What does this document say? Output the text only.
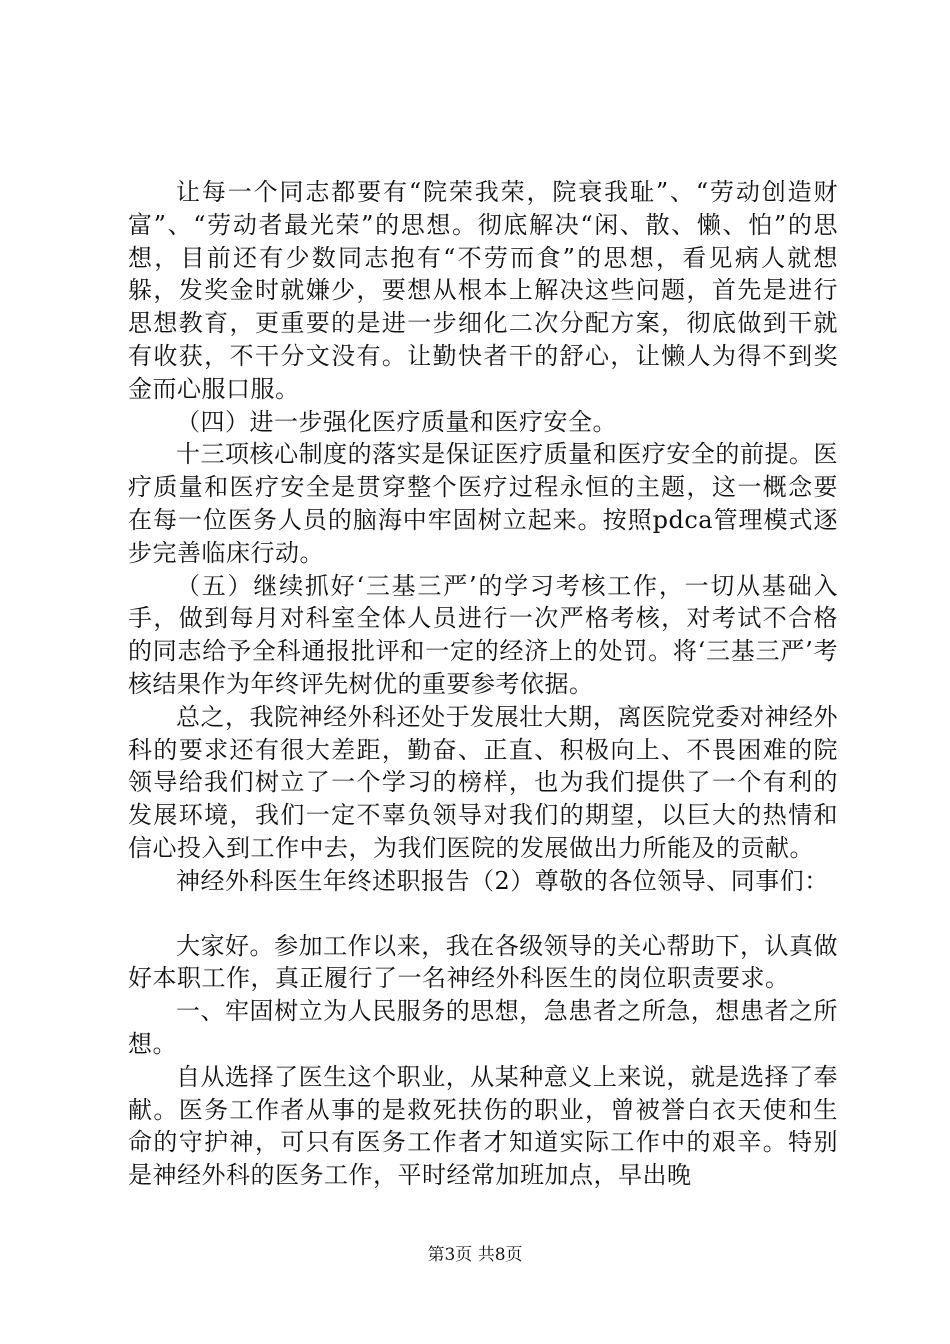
让每一个同志都要有“院荣我荣，院衰我耻”、“劳动创造财富”、“劳动者最光荣”的思想。彻底解决“闲、散、懒、怕”的思想，目前还有少数同志抱有“不劳而食”的思想，看见病人就想躲，发奖金时就嫌少，要想从根本上解决这些问题，首先是进行思想教育，更重要的是进一步细化二次分配方案，彻底做到干就有收获，不干分文没有。让勤快者干的舒心，让懒人为得不到奖金而心服口服。

（四）进一步强化医疗质量和医疗安全。

十三项核心制度的落实是保证医疗质量和医疗安全的前提。医疗质量和医疗安全是贯穿整个医疗过程永恒的主题，这一概念要在每一位医务人员的脑海中牢固树立起来。按照pdca管理模式逐步完善临床行动。

（五）继续抓好‘三基三严’的学习考核工作，一切从基础入手，做到每月对科室全体人员进行一次严格考核，对考试不合格的同志给予全科通报批评和一定的经济上的处罚。将‘三基三严’考核结果作为年终评先树优的重要参考依据。

总之，我院神经外科还处于发展壮大期，离医院党委对神经外科的要求还有很大差距，勤奋、正直、积极向上、不畏困难的院领导给我们树立了一个学习的榜样，也为我们提供了一个有利的发展环境，我们一定不辜负领导对我们的期望，以巨大的热情和信心投入到工作中去，为我们医院的发展做出力所能及的贡献。

神经外科医生年终述职报告（2）尊敬的各位领导、同事们：

大家好。参加工作以来，我在各级领导的关心帮助下，认真做好本职工作，真正履行了一名神经外科医生的岗位职责要求。

一、牢固树立为人民服务的思想，急患者之所急，想患者之所想。

自从选择了医生这个职业，从某种意义上来说，就是选择了奉献。医务工作者从事的是救死扶伤的职业，曾被誉白衣天使和生命的守护神，可只有医务工作者才知道实际工作中的艰辛。特别是神经外科的医务工作，平时经常加班加点，早出晚

第3页 共8页
